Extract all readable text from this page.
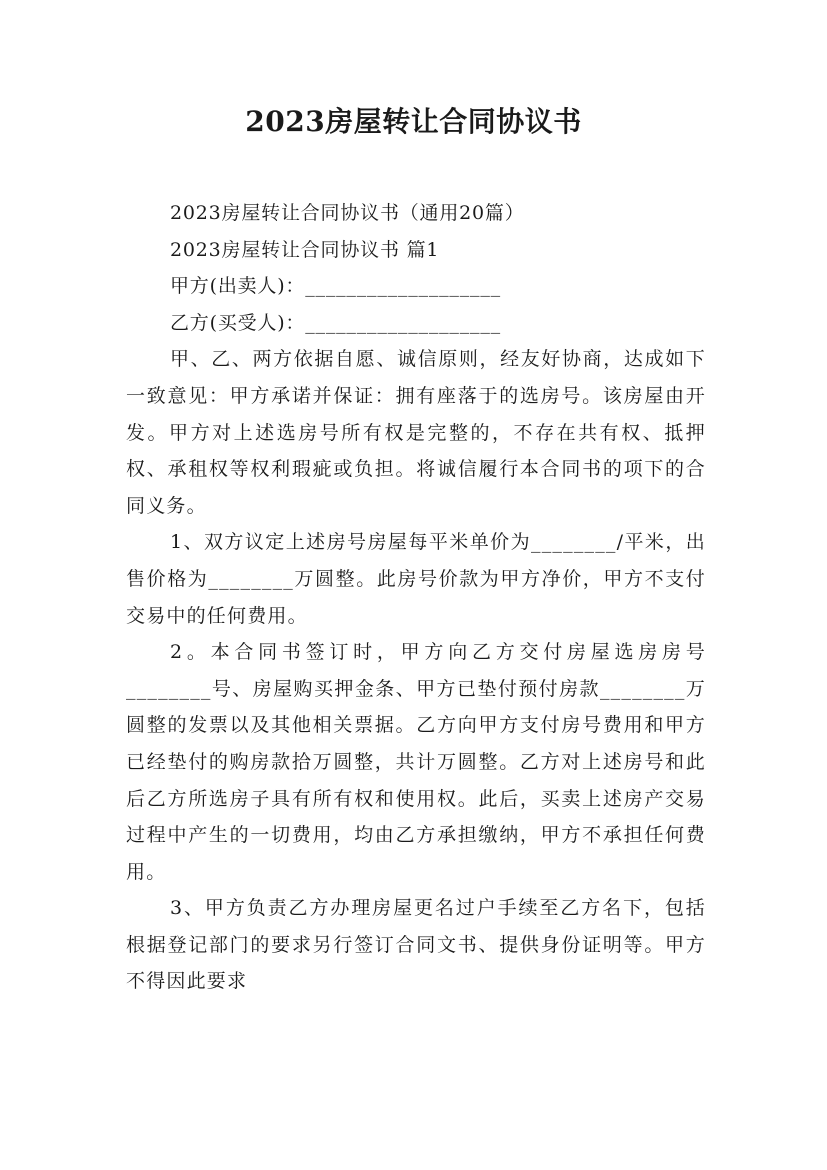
2023房屋转让合同协议书
2023房屋转让合同协议书（通用20篇）
2023房屋转让合同协议书 篇1
甲方(出卖人)：___________________
乙方(买受人)：___________________
甲、乙、两方依据自愿、诚信原则，经友好协商，达成如下一致意见：甲方承诺并保证：拥有座落于的选房号。该房屋由开发。甲方对上述选房号所有权是完整的，不存在共有权、抵押权、承租权等权利瑕疵或负担。将诚信履行本合同书的项下的合同义务。
1、双方议定上述房号房屋每平米单价为________/平米，出售价格为________万圆整。此房号价款为甲方净价，甲方不支付交易中的任何费用。
2。本合同书签订时，甲方向乙方交付房屋选房房号________号、房屋购买押金条、甲方已垫付预付房款________万圆整的发票以及其他相关票据。乙方向甲方支付房号费用和甲方已经垫付的购房款拾万圆整，共计万圆整。乙方对上述房号和此后乙方所选房子具有所有权和使用权。此后，买卖上述房产交易过程中产生的一切费用，均由乙方承担缴纳，甲方不承担任何费用。
3、甲方负责乙方办理房屋更名过户手续至乙方名下，包括根据登记部门的要求另行签订合同文书、提供身份证明等。甲方不得因此要求
